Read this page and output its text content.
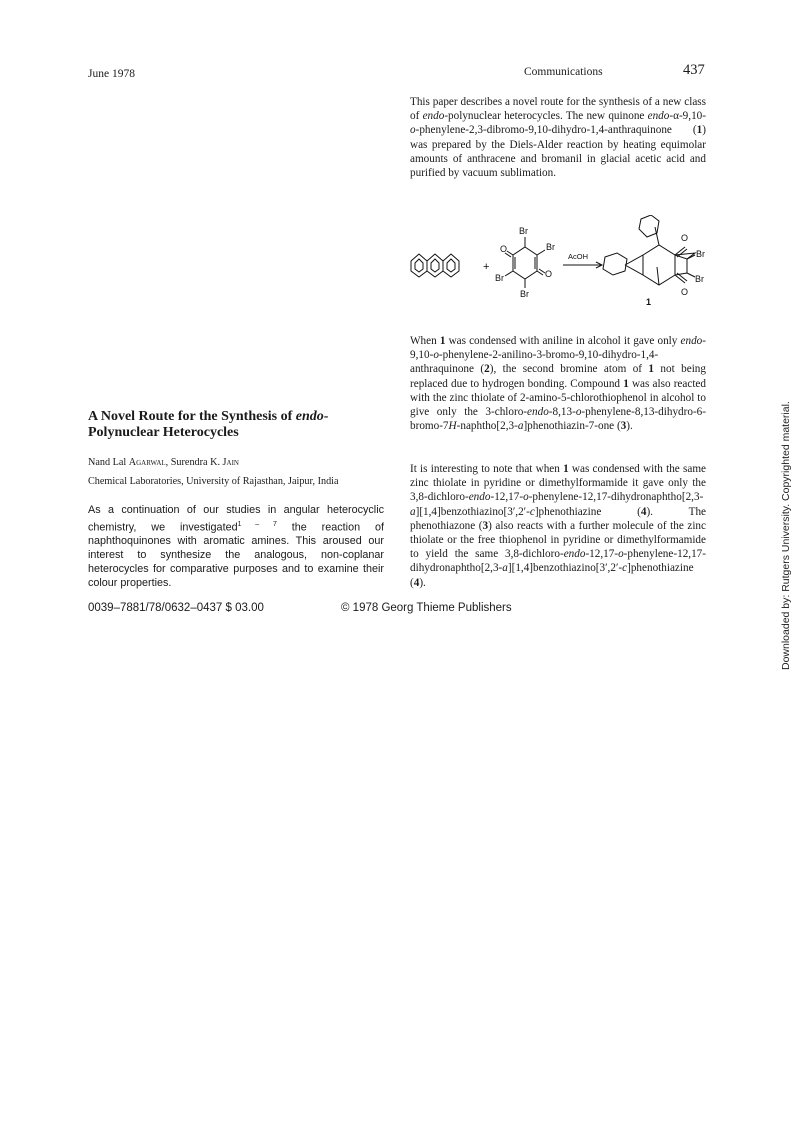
June 1978	Communications	437

This paper describes a novel route for the synthesis of a new class of endo-polynuclear heterocycles. The new quinone endo-α-9,10-o-phenylene-2,3-dibromo-9,10-dihydro-1,4-anthraquinone (1) was prepared by the Diels-Alder reaction by heating equimolar amounts of anthracene and bromanil in glacial acetic acid and purified by vacuum sublimation.

Br
Br
Br
Br
O
O
+
AcOH
O
O
Br
Br
1

When 1 was condensed with aniline in alcohol it gave only endo-9,10-o-phenylene-2-anilino-3-bromo-9,10-dihydro-1,4-anthraquinone (2), the second bromine atom of 1 not being replaced due to hydrogen bonding. Compound 1 was also reacted with the zinc thiolate of 2-amino-5-chlorothiophenol in alcohol to give only the 3-chloro-endo-8,13-o-phenylene-8,13-dihydro-6-bromo-7H-naphtho[2,3-a]phenothiazin-7-one (3).

It is interesting to note that when 1 was condensed with the same zinc thiolate in pyridine or dimethylformamide it gave only the 3,8-dichloro-endo-12,17-o-phenylene-12,17-dihydronaphtho[2,3-a][1,4]benzothiazino[3′,2′-c]phenothiazine (4). The phenothiazone (3) also reacts with a further molecule of the zinc thiolate or the free thiophenol in pyridine or dimethylformamide to yield the same 3,8-dichloro-endo-12,17-o-phenylene-12,17-dihydronaphtho[2,3-a][1,4]benzothiazino[3′,2′-c]phenothiazine (4).

A Novel Route for the Synthesis of endo-Polynuclear Heterocycles
Nand Lal Agarwal, Surendra K. Jain
Chemical Laboratories, University of Rajasthan, Jaipur, India

As a continuation of our studies in angular heterocyclic chemistry, we investigated$^{1 - 7}$ the reaction of naphthoquinones with aromatic amines. This aroused our interest to synthesize the analogous, non-coplanar heterocycles for comparative purposes and to examine their colour properties.

0039–7881/78/0632–0437 $ 03.00	© 1978 Georg Thieme Publishers	Downloaded by: Rutgers University. Copyrighted material.
